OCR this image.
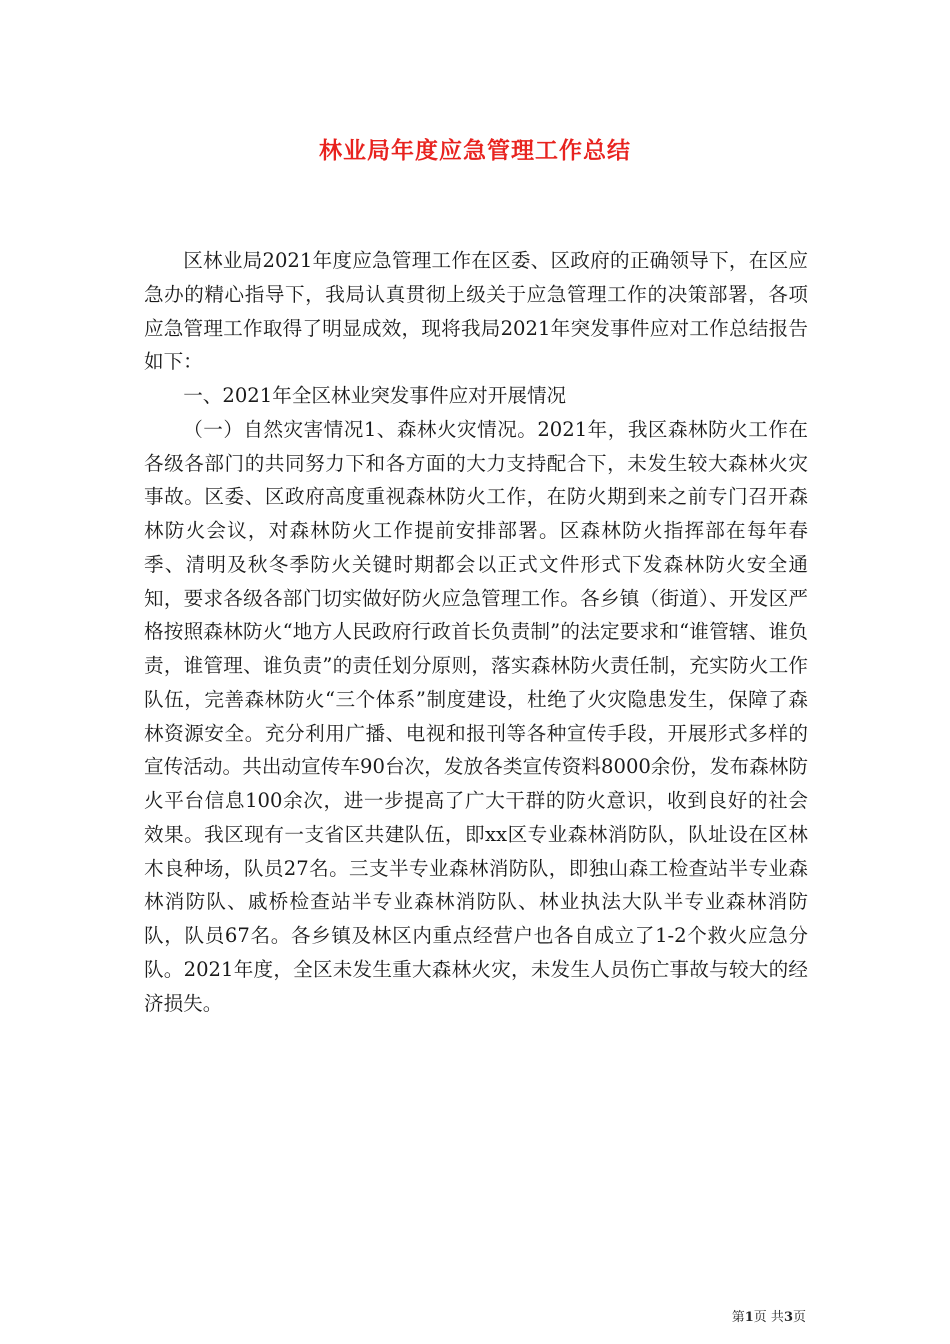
林业局年度应急管理工作总结

区林业局2021年度应急管理工作在区委、区政府的正确领导下，在区应急办的精心指导下，我局认真贯彻上级关于应急管理工作的决策部署，各项应急管理工作取得了明显成效，现将我局2021年突发事件应对工作总结报告如下：

一、2021年全区林业突发事件应对开展情况

（一）自然灾害情况1、森林火灾情况。2021年，我区森林防火工作在各级各部门的共同努力下和各方面的大力支持配合下，未发生较大森林火灾事故。区委、区政府高度重视森林防火工作，在防火期到来之前专门召开森林防火会议，对森林防火工作提前安排部署。区森林防火指挥部在每年春季、清明及秋冬季防火关键时期都会以正式文件形式下发森林防火安全通知，要求各级各部门切实做好防火应急管理工作。各乡镇（街道）、开发区严格按照森林防火“地方人民政府行政首长负责制”的法定要求和“谁管辖、谁负责，谁管理、谁负责”的责任划分原则，落实森林防火责任制，充实防火工作队伍，完善森林防火“三个体系”制度建设，杜绝了火灾隐患发生，保障了森林资源安全。充分利用广播、电视和报刊等各种宣传手段，开展形式多样的宣传活动。共出动宣传车90台次，发放各类宣传资料8000余份，发布森林防火平台信息100余次，进一步提高了广大干群的防火意识，收到良好的社会效果。我区现有一支省区共建队伍，即xx区专业森林消防队，队址设在区林木良种场，队员27名。三支半专业森林消防队，即独山森工检查站半专业森林消防队、戚桥检查站半专业森林消防队、林业执法大队半专业森林消防队，队员67名。各乡镇及林区内重点经营户也各自成立了1-2个救火应急分队。2021年度，全区未发生重大森林火灾，未发生人员伤亡事故与较大的经济损失。

第1页 共3页
